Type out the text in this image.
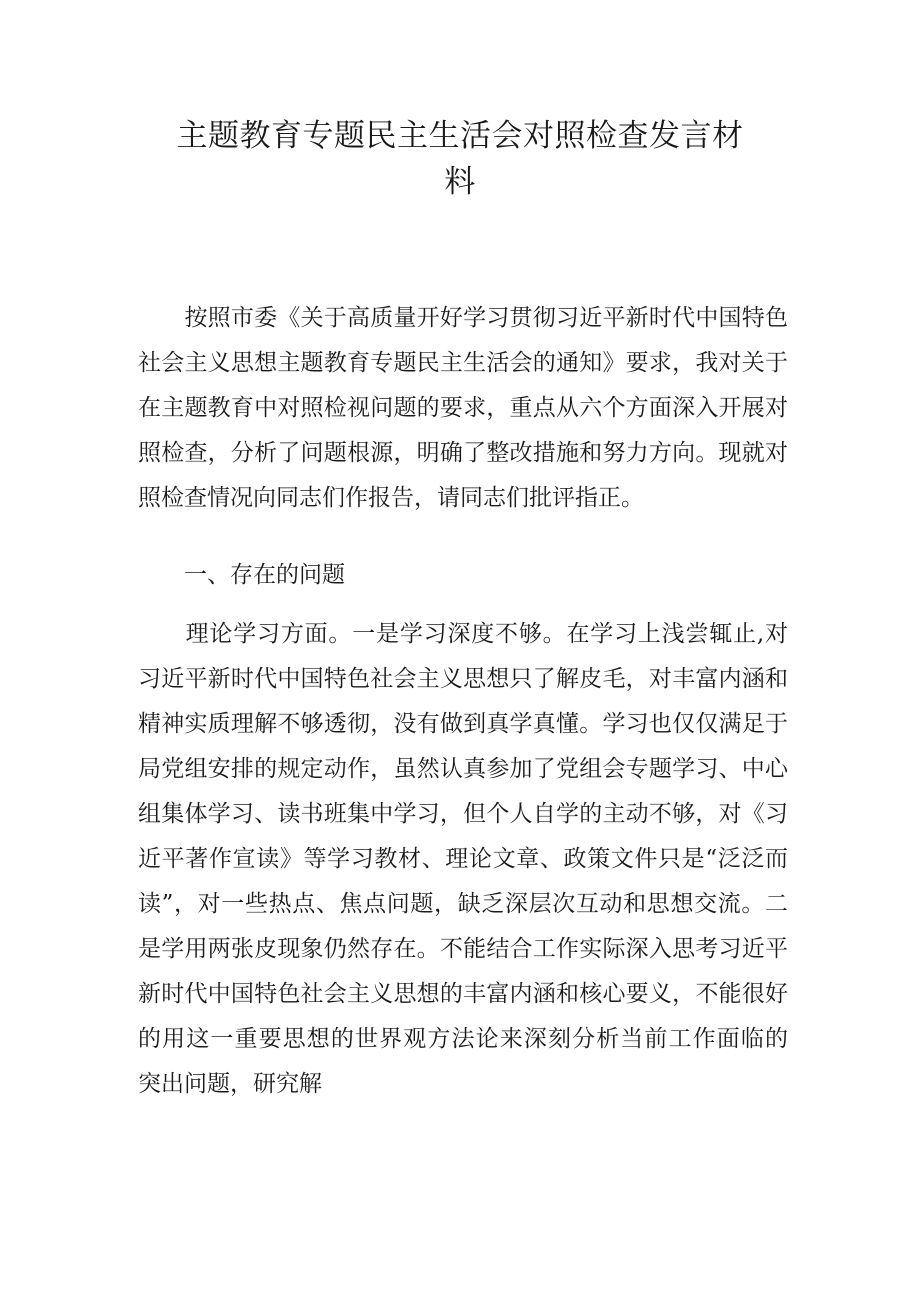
主题教育专题民主生活会对照检查发言材
料
　　按照市委《关于高质量开好学习贯彻习近平新时代中国特色
社会主义思想主题教育专题民主生活会的通知》要求，我对关于
在主题教育中对照检视问题的要求，重点从六个方面深入开展对
照检查，分析了问题根源，明确了整改措施和努力方向。现就对
照检查情况向同志们作报告，请同志们批评指正。
　　一、存在的问题
　　理论学习方面。一是学习深度不够。在学习上浅尝辄止,对
习近平新时代中国特色社会主义思想只了解皮毛，对丰富内涵和
精神实质理解不够透彻，没有做到真学真懂。学习也仅仅满足于
局党组安排的规定动作，虽然认真参加了党组会专题学习、中心
组集体学习、读书班集中学习，但个人自学的主动不够，对《习
近平著作宣读》等学习教材、理论文章、政策文件只是“泛泛而
读”，对一些热点、焦点问题，缺乏深层次互动和思想交流。二
是学用两张皮现象仍然存在。不能结合工作实际深入思考习近平
新时代中国特色社会主义思想的丰富内涵和核心要义，不能很好
的用这一重要思想的世界观方法论来深刻分析当前工作面临的
突出问题，研究解
